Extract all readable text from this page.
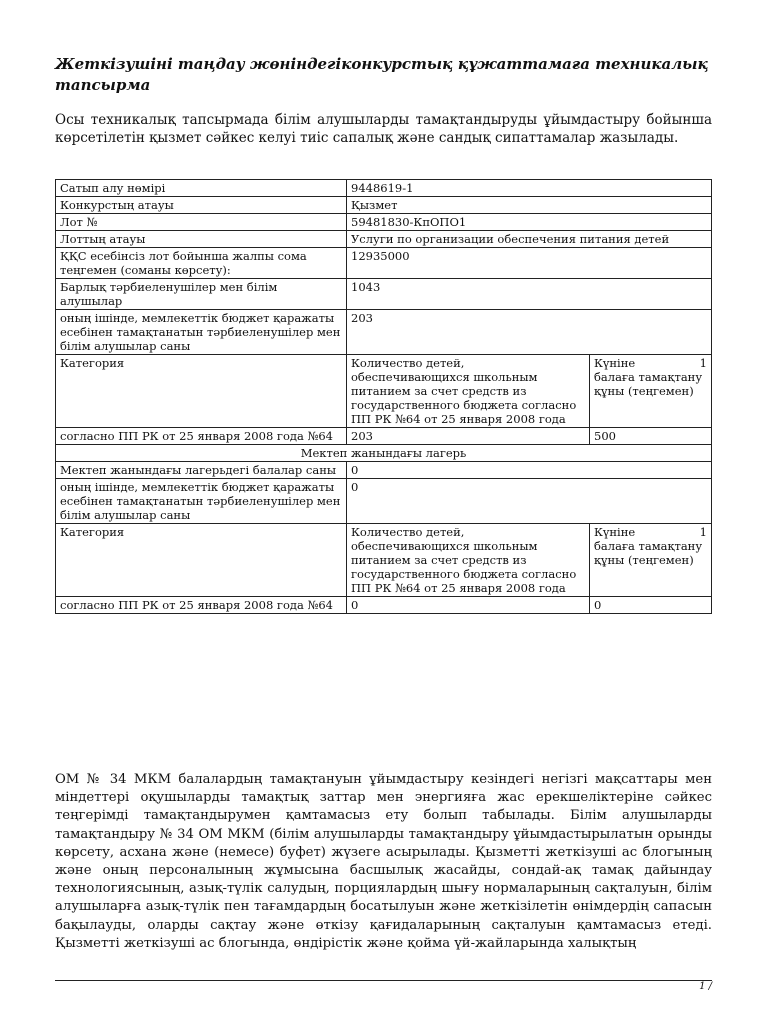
Жеткізушіні таңдау жөніндегіконкурстық құжаттамаға техникалық тапсырма
Осы техникалық тапсырмада білім алушыларды тамақтандыруды ұйымдастыру бойынша көрсетілетін қызмет сәйкес келуі тиіс сапалық және сандық сипаттамалар жазылады.
Сатып алу нөмірі	9448619-1	
Конкурстың атауы	Қызмет	
Лот №	59481830-КпОПО1	
Лоттың атауы	Услуги по организации обеспечения питания детей	
ҚҚС есебінсіз лот бойынша жалпы сома теңгемен (соманы көрсету):	12935000	
Барлық тәрбиеленушілер мен білім алушылар	1043	
оның ішінде, мемлекеттік бюджет қаражаты есебінен тамақтанатын тәрбиеленушілер мен білім алушылар саны	203	
Категория	Количество детей, обеспечивающихся школьным питанием за счет средств из государственного бюджета согласно ПП РК №64 от 25 января 2008 года	Күніне 1
балаға тамақтану құны (теңгемен)

согласно ПП РК от 25 января 2008 года №64	203	500
Мектеп жанындағы лагерь		
Мектеп жанындағы лагерьдегі балалар саны	0	
оның ішінде, мемлекеттік бюджет қаражаты есебінен тамақтанатын тәрбиеленушілер мен білім алушылар саны	0	
Категория	Количество детей, обеспечивающихся школьным питанием за счет средств из государственного бюджета согласно ПП РК №64 от 25 января 2008 года	Күніне 1
балаға тамақтану құны (теңгемен)

согласно ПП РК от 25 января 2008 года №64	0	0
ОМ № 34 МКМ балалардың тамақтануын ұйымдастыру кезіндегі негізгі мақсаттары мен міндеттері оқушыларды тамақтық заттар мен энергияға жас ерекшеліктеріне сәйкес теңгерімді тамақтандырумен қамтамасыз ету болып табылады. Білім алушыларды тамақтандыру № 34 ОМ МКМ (білім алушыларды тамақтандыру ұйымдастырылатын орынды көрсету, асхана және (немесе) буфет) жүзеге асырылады. Қызметті жеткізуші ас блогының және оның персоналының жұмысына басшылық жасайды, сондай-ақ тамақ дайындау технологиясының, азық-түлік салудың, порциялардың шығу нормаларының сақталуын, білім алушыларға азық-түлік пен тағамдардың босатылуын және жеткізілетін өнімдердің сапасын бақылауды, оларды сақтау және өткізу қағидаларының сақталуын қамтамасыз етеді. Қызметті жеткізуші ас блогында, өндірістік және қойма үй-жайларында халықтың
1 /
